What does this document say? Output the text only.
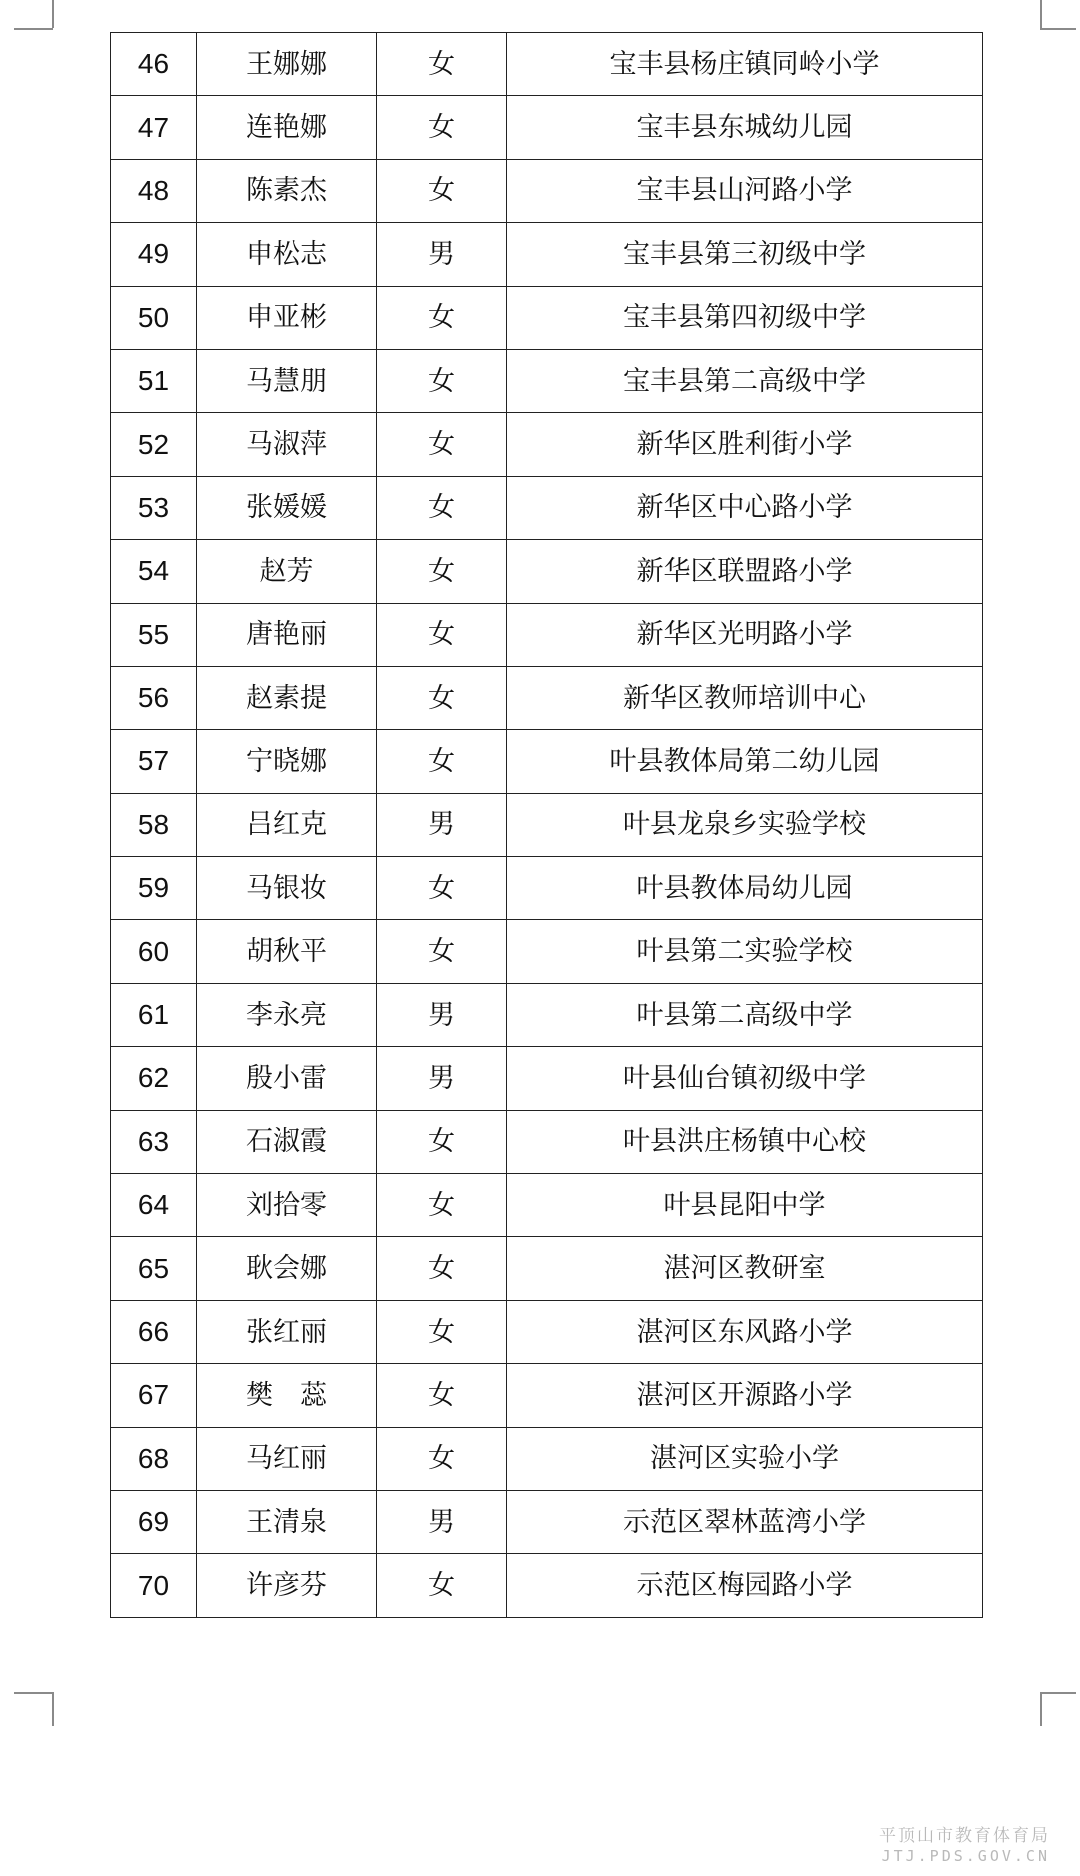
46	王娜娜	女	宝丰县杨庄镇同岭小学
47	连艳娜	女	宝丰县东城幼儿园
48	陈素杰	女	宝丰县山河路小学
49	申松志	男	宝丰县第三初级中学
50	申亚彬	女	宝丰县第四初级中学
51	马慧朋	女	宝丰县第二高级中学
52	马淑萍	女	新华区胜利街小学
53	张媛媛	女	新华区中心路小学
54	赵芳	女	新华区联盟路小学
55	唐艳丽	女	新华区光明路小学
56	赵素提	女	新华区教师培训中心
57	宁晓娜	女	叶县教体局第二幼儿园
58	吕红克	男	叶县龙泉乡实验学校
59	马银妆	女	叶县教体局幼儿园
60	胡秋平	女	叶县第二实验学校
61	李永亮	男	叶县第二高级中学
62	殷小雷	男	叶县仙台镇初级中学
63	石淑霞	女	叶县洪庄杨镇中心校
64	刘拾零	女	叶县昆阳中学
65	耿会娜	女	湛河区教研室
66	张红丽	女	湛河区东风路小学
67	樊　蕊	女	湛河区开源路小学
68	马红丽	女	湛河区实验小学
69	王清泉	男	示范区翠林蓝湾小学
70	许彦芬	女	示范区梅园路小学
平顶山市教育体育局
JTJ.PDS.GOV.CN
